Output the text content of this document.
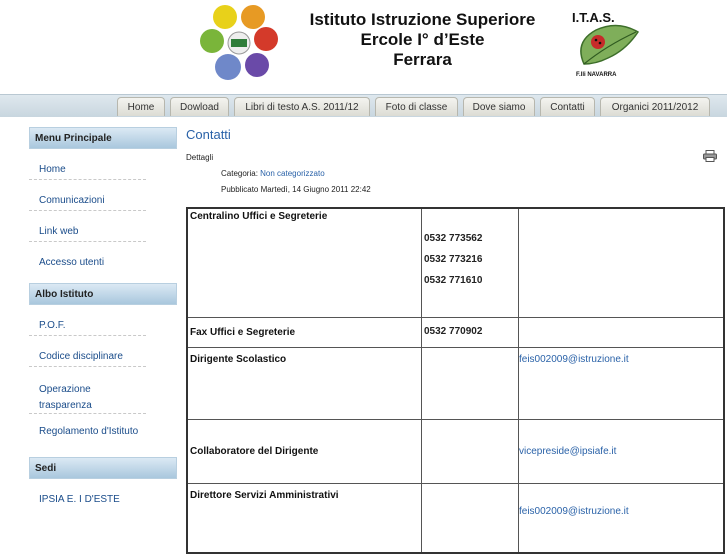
Istituto Istruzione Superiore
Ercole I° d’Este
Ferrara
I.T.A.S.
F.lli NAVARRA
Home	Dowload	Libri di testo A.S. 2011/12	Foto di classe	Dove siamo	Contatti	Organici 2011/2012
Menu Principale
Home
Comunicazioni
Link web
Accesso utenti
Albo Istituto
P.O.F.
Codice disciplinare
Operazione trasparenza
Regolamento d'Istituto
Sedi
IPSIA E. I D'ESTE
Contatti
Dettagli
Categoria: Non categorizzato
Pubblicato Martedì, 14 Giugno 2011 22:42
Centralino Uffici e Segreterie	0532 773562
0532 773216
0532 771610	

Fax Uffici e Segreterie	0532 770902	

Dirigente Scolastico		feis002009@istruzione.it
Collaboratore del Dirigente		vicepreside@ipsiafe.it
Direttore Servizi Amministrativi		feis002009@istruzione.it
